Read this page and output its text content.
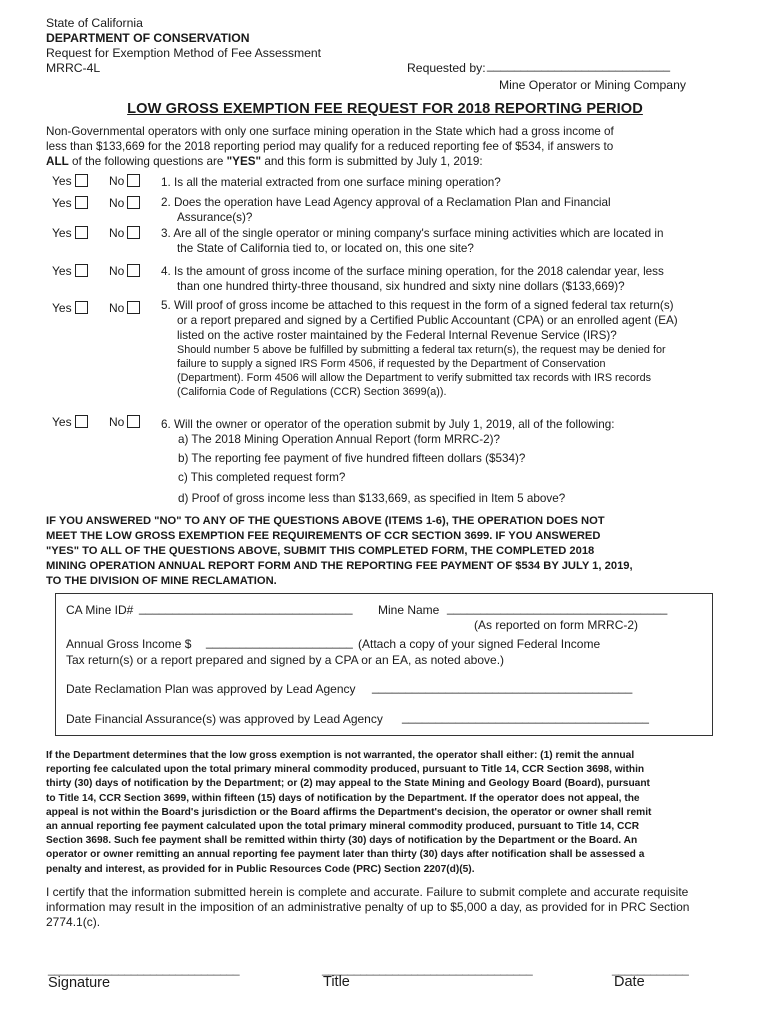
State of California
DEPARTMENT OF CONSERVATION
Request for Exemption Method of Fee Assessment
MRRC-4L	Requested by: ___________________________
Mine Operator or Mining Company
LOW GROSS EXEMPTION FEE REQUEST FOR 2018 REPORTING PERIOD
Non-Governmental operators with only one surface mining operation in the State which had a gross income of
less than $133,669 for the 2018 reporting period may qualify for a reduced reporting fee of $534, if answers to
ALL of the following questions are "YES" and this form is submitted by July 1, 2019:
Yes	No	1. Is all the material extracted from one surface mining operation?
Yes	No	2. Does the operation have Lead Agency approval of a Reclamation Plan and Financial
Assurance(s)?
Yes	No	3. Are all of the single operator or mining company's surface mining activities which are located in
the State of California tied to, or located on, this one site?
Yes	No	4. Is the amount of gross income of the surface mining operation, for the 2018 calendar year, less
than one hundred thirty-three thousand, six hundred and sixty nine dollars ($133,669)?
Yes	No	5. Will proof of gross income be attached to this request in the form of a signed federal tax return(s)
or a report prepared and signed by a Certified Public Accountant (CPA) or an enrolled agent (EA)
listed on the active roster maintained by the Federal Internal Revenue Service (IRS)?
Should number 5 above be fulfilled by submitting a federal tax return(s), the request may be denied for
failure to supply a signed IRS Form 4506, if requested by the Department of Conservation
(Department). Form 4506 will allow the Department to verify submitted tax records with IRS records
(California Code of Regulations (CCR) Section 3699(a)).
Yes	No	6. Will the owner or operator of the operation submit by July 1, 2019, all of the following:
a) The 2018 Mining Operation Annual Report (form MRRC-2)?
b) The reporting fee payment of five hundred fifteen dollars ($534)?
c) This completed request form?
d) Proof of gross income less than $133,669, as specified in Item 5 above?
IF YOU ANSWERED "NO" TO ANY OF THE QUESTIONS ABOVE (ITEMS 1-6), THE OPERATION DOES NOT
MEET THE LOW GROSS EXEMPTION FEE REQUIREMENTS OF CCR SECTION 3699. IF YOU ANSWERED
"YES" TO ALL OF THE QUESTIONS ABOVE, SUBMIT THIS COMPLETED FORM, THE COMPLETED 2018
MINING OPERATION ANNUAL REPORT FORM AND THE REPORTING FEE PAYMENT OF $534 BY JULY 1, 2019,
TO THE DIVISION OF MINE RECLAMATION.
CA Mine ID# ________________________________ Mine Name _________________________________
(As reported on form MRRC-2)
Annual Gross Income $ ______________________ (Attach a copy of your signed Federal Income
Tax return(s) or a report prepared and signed by a CPA or an EA, as noted above.)
Date Reclamation Plan was approved by Lead Agency _______________________________________
Date Financial Assurance(s) was approved by Lead Agency _____________________________________
If the Department determines that the low gross exemption is not warranted, the operator shall either: (1) remit the annual
reporting fee calculated upon the total primary mineral commodity produced, pursuant to Title 14, CCR Section 3698, within
thirty (30) days of notification by the Department; or (2) may appeal to the State Mining and Geology Board (Board), pursuant
to Title 14, CCR Section 3699, within fifteen (15) days of notification by the Department. If the operator does not appeal, the
appeal is not within the Board's jurisdiction or the Board affirms the Department's decision, the operator or owner shall remit
an annual reporting fee payment calculated upon the total primary mineral commodity produced, pursuant to Title 14, CCR
Section 3698. Such fee payment shall be remitted within thirty (30) days of notification by the Department or the Board. An
operator or owner remitting an annual reporting fee payment later than thirty (30) days after notification shall be assessed a
penalty and interest, as provided for in Public Resources Code (PRC) Section 2207(d)(5).
I certify that the information submitted herein is complete and accurate. Failure to submit complete and accurate requisite
information may result in the imposition of an administrative penalty of up to $5,000 a day, as provided for in PRC Section
2774.1(c).
______________________________	_________________________________	____________
Signature	Title	Date
